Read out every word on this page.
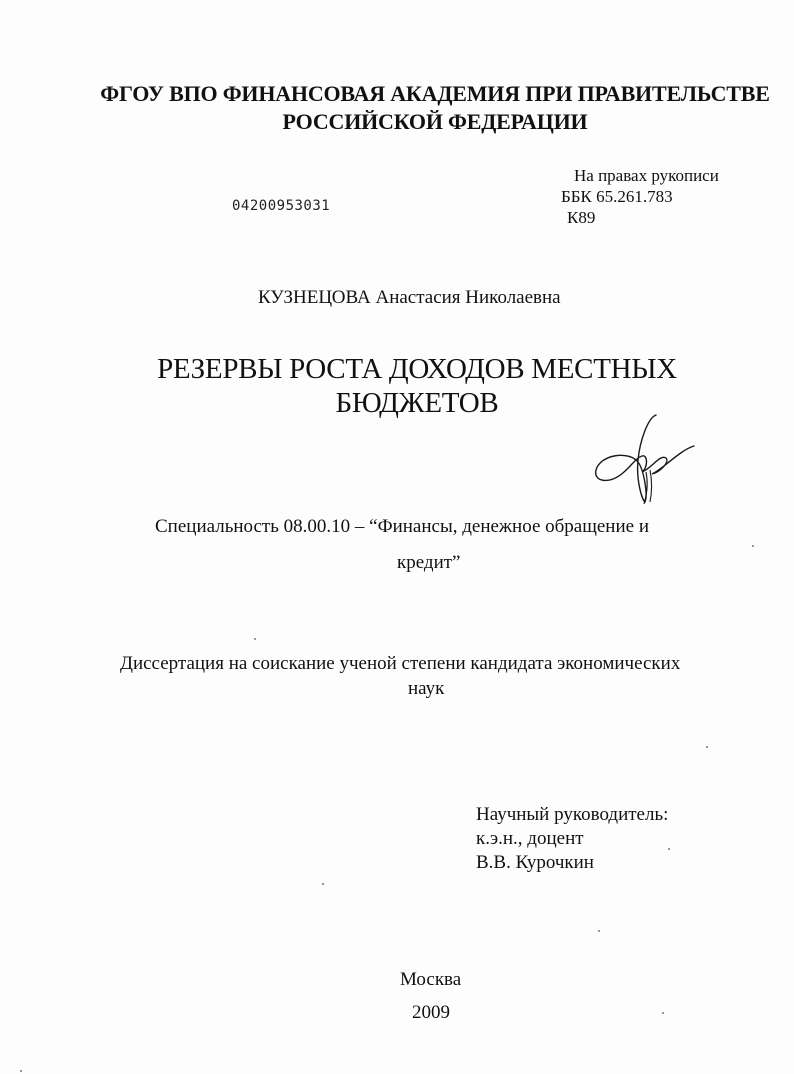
ФГОУ ВПО ФИНАНСОВАЯ АКАДЕМИЯ ПРИ ПРАВИТЕЛЬСТВЕ
РОССИЙСКОЙ ФЕДЕРАЦИИ
На правах рукописи
04200953031	ББК 65.261.783
К89
КУЗНЕЦОВА Анастасия Николаевна
РЕЗЕРВЫ РОСТА ДОХОДОВ МЕСТНЫХ
БЮДЖЕТОВ
Специальность 08.00.10 – “Финансы, денежное обращение и
кредит”
Диссертация на соискание ученой степени кандидата экономических
наук
Научный руководитель:
к.э.н., доцент
В.В. Курочкин
Москва
2009
